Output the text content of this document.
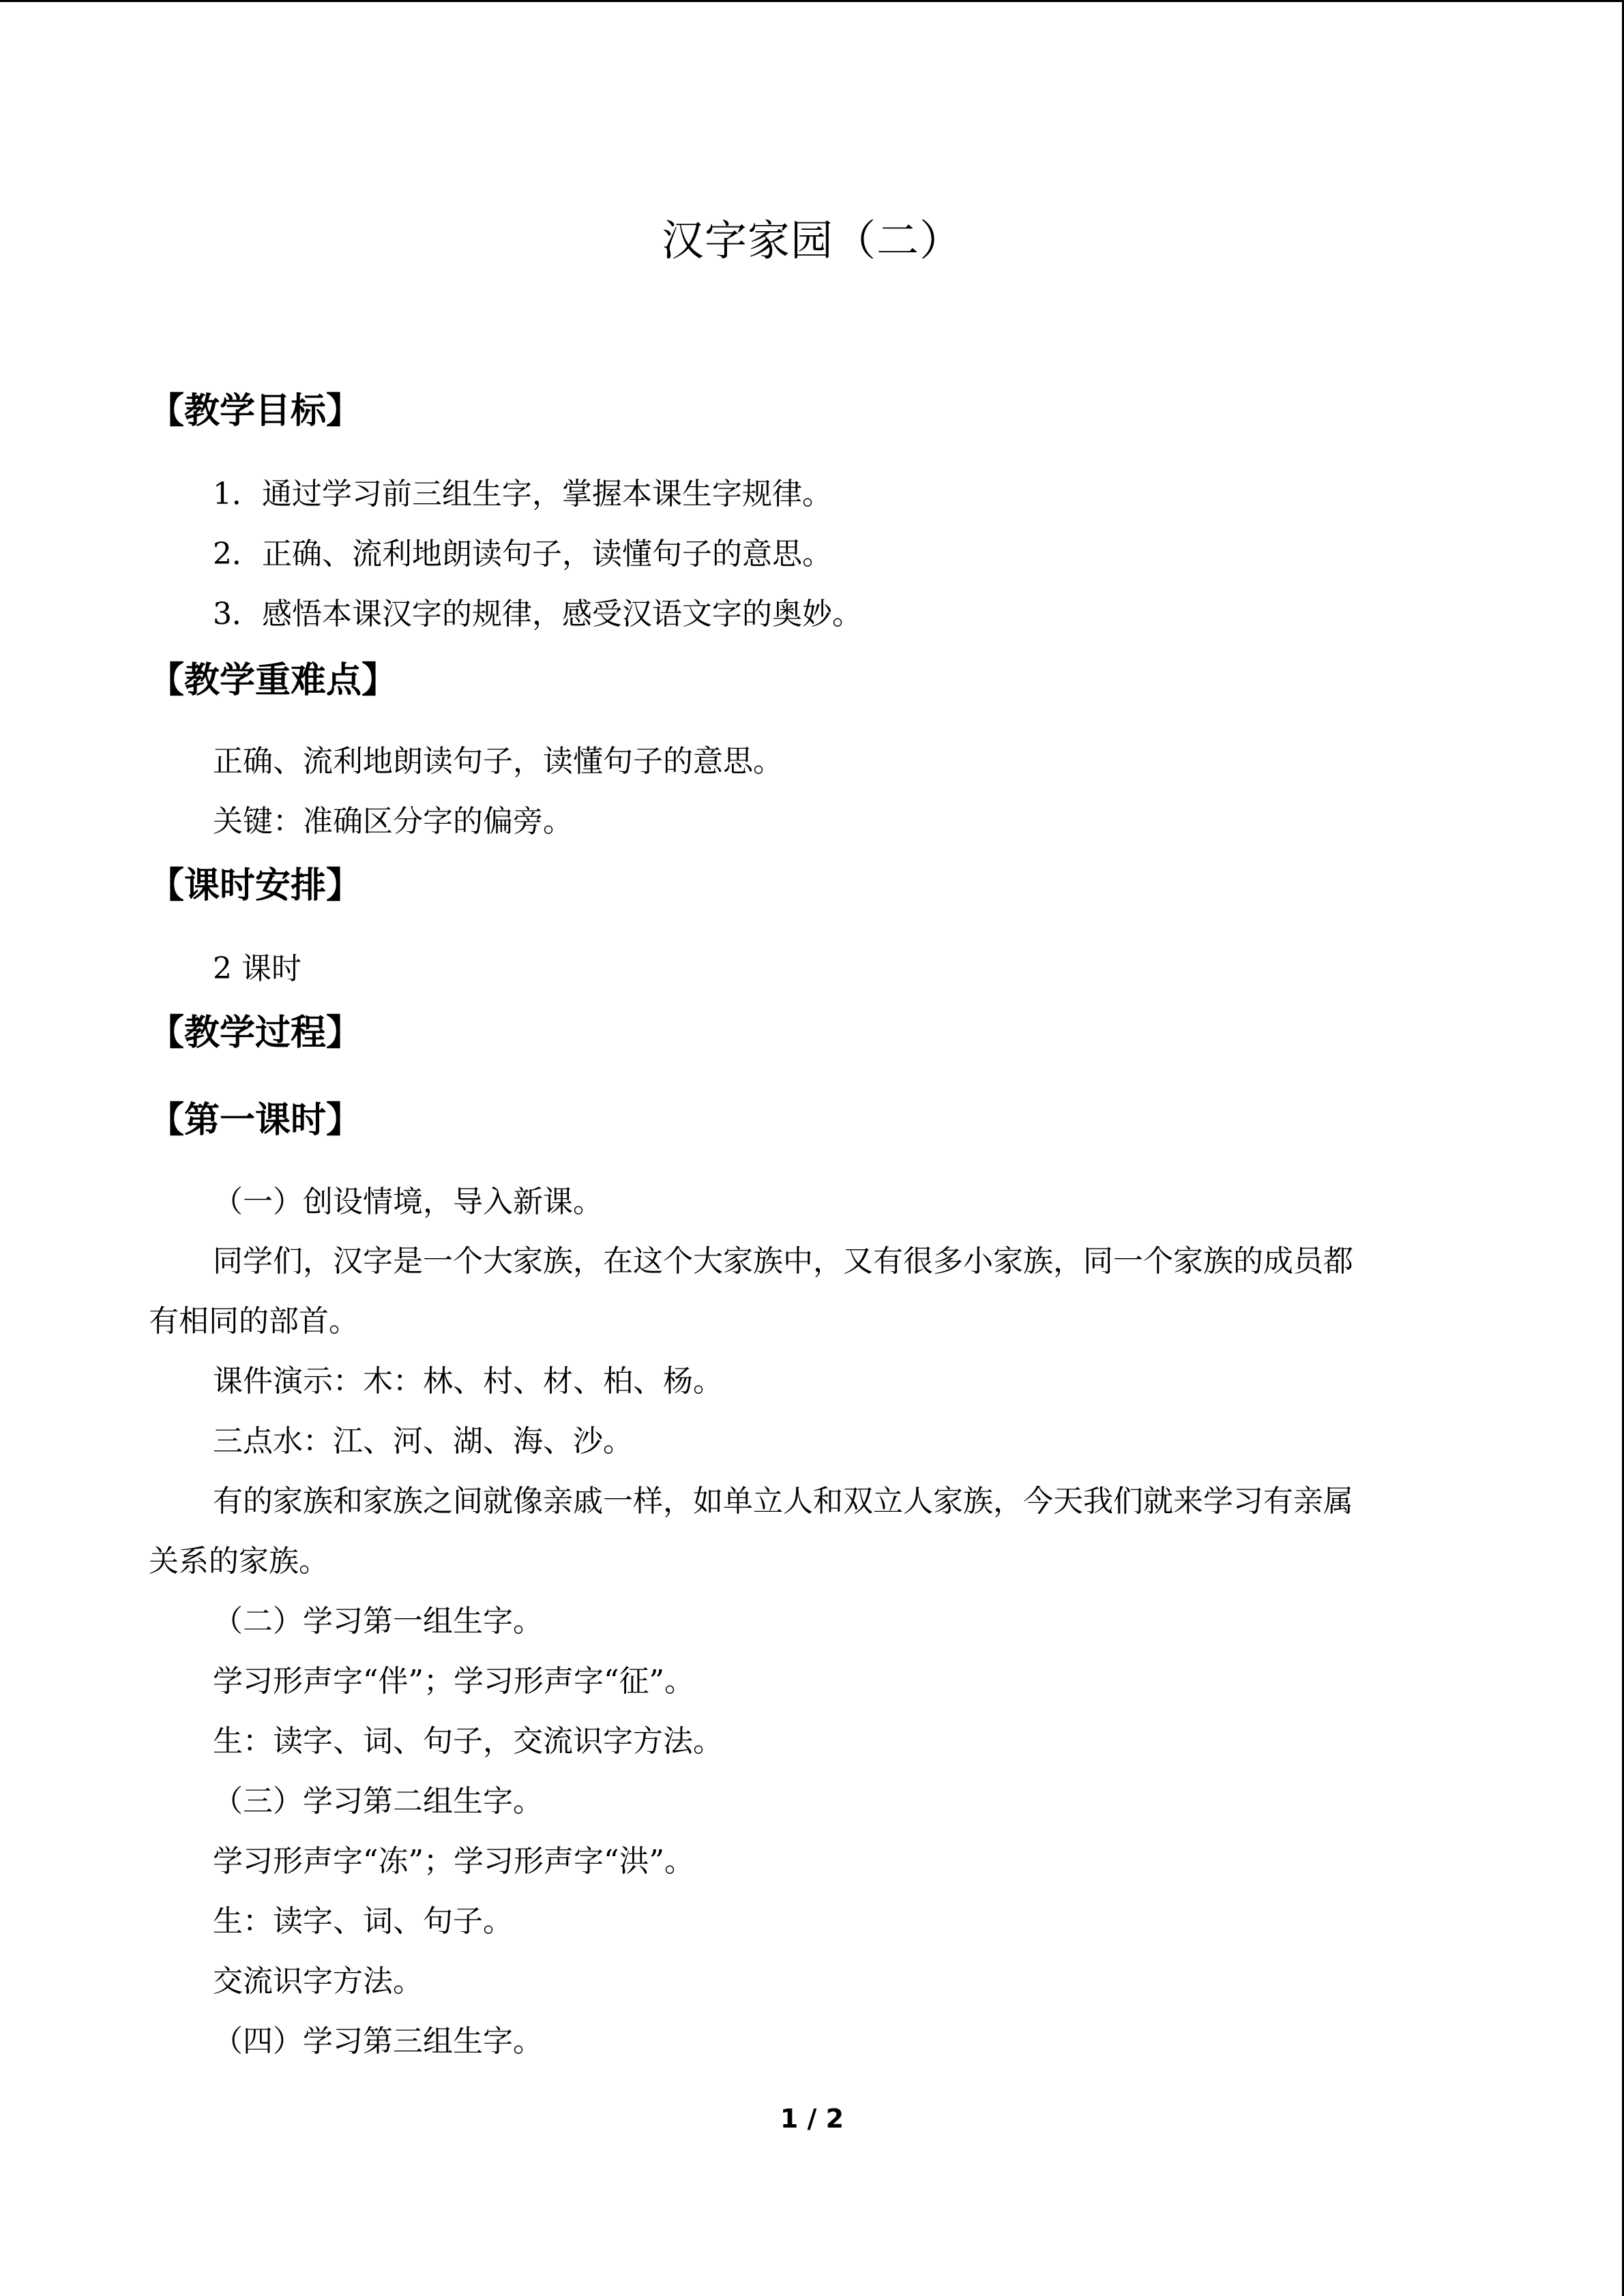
汉字家园（二）
【教学目标】

1．通过学习前三组生字，掌握本课生字规律。

2．正确、流利地朗读句子，读懂句子的意思。

3．感悟本课汉字的规律，感受汉语文字的奥妙。

【教学重难点】

正确、流利地朗读句子，读懂句子的意思。

关键：准确区分字的偏旁。

【课时安排】

2 课时

【教学过程】
【第一课时】

（一）创设情境，导入新课。

同学们，汉字是一个大家族，在这个大家族中，又有很多小家族，同一个家族的成员都

有相同的部首。

课件演示：木：林、村、材、柏、杨。

三点水：江、河、湖、海、沙。

有的家族和家族之间就像亲戚一样，如单立人和双立人家族，今天我们就来学习有亲属

关系的家族。

（二）学习第一组生字。

学习形声字“伴”；学习形声字“征”。

生：读字、词、句子，交流识字方法。

（三）学习第二组生字。

学习形声字“冻”；学习形声字“洪”。

生：读字、词、句子。

交流识字方法。

（四）学习第三组生字。

1 / 2
